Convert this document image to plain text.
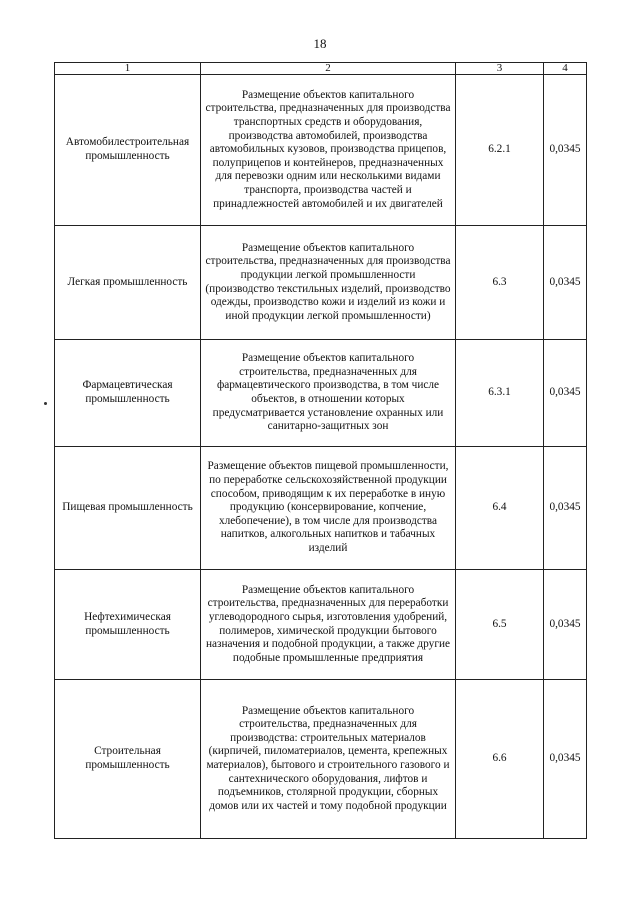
18
1	2	3	4
Автомобилестроительная промышленность	Размещение объектов капитального строительства, предназначенных для производства транспортных средств и оборудования, производства автомобилей, производства автомобильных кузовов, производства прицепов, полуприцепов и контейнеров, предназначенных для перевозки одним или несколькими видами транспорта, производства частей и принадлежностей автомобилей и их двигателей	6.2.1	0,0345
Легкая промышленность	Размещение объектов капитального строительства, предназначенных для производства продукции легкой промышленности (производство текстильных изделий, производство одежды, производство кожи и изделий из кожи и иной продукции легкой промышленности)	6.3	0,0345
Фармацевтическая промышленность	Размещение объектов капитального строительства, предназначенных для фармацевтического производства, в том числе объектов, в отношении которых предусматривается установление охранных или санитарно-защитных зон	6.3.1	0,0345
Пищевая промышленность	Размещение объектов пищевой промышленности, по переработке сельскохозяйственной продукции способом, приводящим к их переработке в иную продукцию (консервирование, копчение, хлебопечение), в том числе для производства напитков, алкогольных напитков и табачных изделий	6.4	0,0345
Нефтехимическая промышленность	Размещение объектов капитального строительства, предназначенных для переработки углеводородного сырья, изготовления удобрений, полимеров, химической продукции бытового назначения и подобной продукции, а также другие подобные промышленные предприятия	6.5	0,0345
Строительная промышленность	Размещение объектов капитального строительства, предназначенных для производства: строительных материалов (кирпичей, пиломатериалов, цемента, крепежных материалов), бытового и строительного газового и сантехнического оборудования, лифтов и подъемников, столярной продукции, сборных домов или их частей и тому подобной продукции	6.6	0,0345
